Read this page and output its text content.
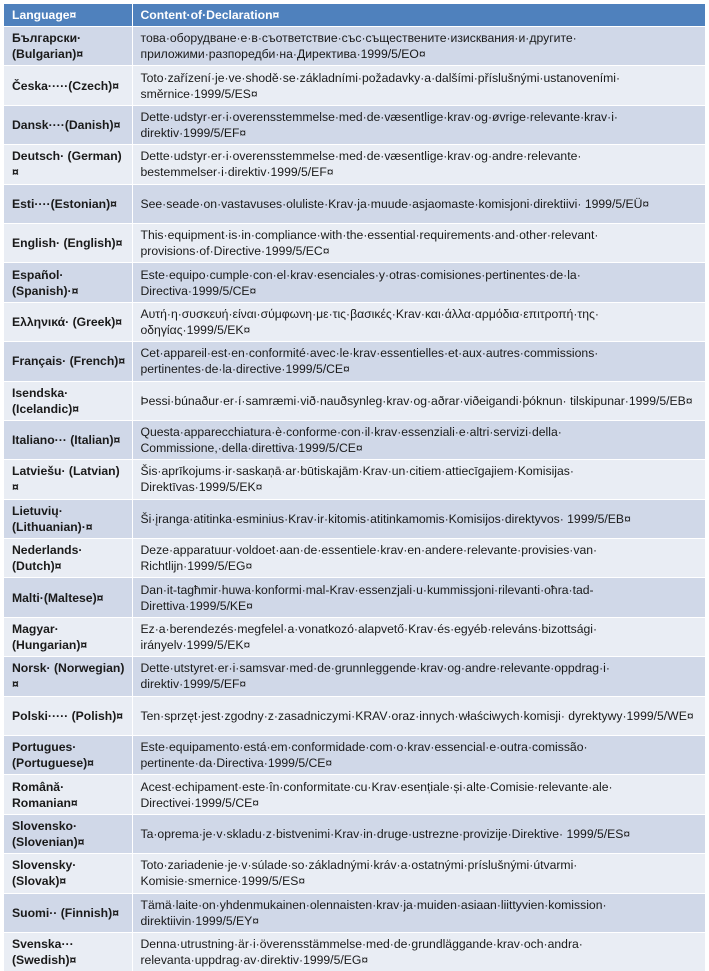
Language¤	Content·of·Declaration¤
Български· (Bulgarian)¤	това·оборудване·е·в·съответствие·със·съществените·изисквания·и·другите· приложими·разпоредби·на·Директива·1999/5/EO¤
Česka·····(Czech)¤	Toto·zařízení·je·ve·shodě·se·základními·požadavky·a·dalšími·příslušnými·ustanoveními· směrnice·1999/5/ES¤
Dansk····(Danish)¤	Dette·udstyr·er·i·overensstemmelse·med·de·væsentlige·krav·og·øvrige·relevante·krav·i· direktiv·1999/5/EF¤
Deutsch· (German)¤	Dette·udstyr·er·i·overensstemmelse·med·de·væsentlige·krav·og·andre·relevante· bestemmelser·i·direktiv·1999/5/EF¤
Esti····(Estonian)¤	See·seade·on·vastavuses·oluliste·Krav·ja·muude·asjaomaste·komisjoni·direktiivi· 1999/5/EÜ¤
English· (English)¤	This·equipment·is·in·compliance·with·the·essential·requirements·and·other·relevant· provisions·of·Directive·1999/5/EC¤
Español· (Spanish)·¤	Este·equipo·cumple·con·el·krav·esenciales·y·otras·comisiones·pertinentes·de·la· Directiva·1999/5/CE¤
Ελληνικά· (Greek)¤	Αυτή·η·συσκευή·είναι·σύμφωνη·με·τις·βασικές·Krav·και·άλλα·αρμόδια·επιτροπή·της· οδηγίας·1999/5/EK¤
Français· (French)¤	Cet·appareil·est·en·conformité·avec·le·krav·essentielles·et·aux·autres·commissions· pertinentes·de·la·directive·1999/5/CE¤
Isendska· (Icelandic)¤	Þessi·búnaður·er·í·samræmi·við·nauðsynleg·krav·og·aðrar·viðeigandi·þóknun· tilskipunar·1999/5/EB¤
Italiano··· (Italian)¤	Questa·apparecchiatura·è·conforme·con·il·krav·essenziali·e·altri·servizi·della· Commissione,·della·direttiva·1999/5/CE¤
Latviešu· (Latvian)¤	Šis·aprīkojums·ir·saskaņā·ar·būtiskajām·Krav·un·citiem·attiecīgajiem·Komisijas· Direktīvas·1999/5/EK¤
Lietuvių· (Lithuanian)·¤	Ši·įranga·atitinka·esminius·Krav·ir·kitomis·atitinkamomis·Komisijos·direktyvos· 1999/5/EB¤
Nederlands· (Dutch)¤	Deze·apparatuur·voldoet·aan·de·essentiele·krav·en·andere·relevante·provisies·van· Richtlijn·1999/5/EG¤
Malti·(Maltese)¤	Dan·it-tagħmir·huwa·konformi·mal-Krav·essenzjali·u·kummissjoni·rilevanti·oħra·tad-Direttiva·1999/5/KE¤
Magyar· (Hungarian)¤	Ez·a·berendezés·megfelel·a·vonatkozó·alapvető·Krav·és·egyéb·releváns·bizottsági· irányelv·1999/5/EK¤
Norsk· (Norwegian)¤	Dette·utstyret·er·i·samsvar·med·de·grunnleggende·krav·og·andre·relevante·oppdrag·i· direktiv·1999/5/EF¤
Polski····· (Polish)¤	Ten·sprzęt·jest·zgodny·z·zasadniczymi·KRAV·oraz·innych·właściwych·komisji· dyrektywy·1999/5/WE¤
Portugues· (Portuguese)¤	Este·equipamento·está·em·conformidade·com·o·krav·essencial·e·outra·comissão· pertinente·da·Directiva·1999/5/CE¤
Română· Romanian¤	Acest·echipament·este·în·conformitate·cu·Krav·esențiale·și·alte·Comisie·relevante·ale· Directivei·1999/5/CE¤
Slovensko· (Slovenian)¤	Ta·oprema·je·v·skladu·z·bistvenimi·Krav·in·druge·ustrezne·provizije·Direktive· 1999/5/ES¤
Slovensky· (Slovak)¤	Toto·zariadenie·je·v·súlade·so·základnými·kráv·a·ostatnými·príslušnými·útvarmi· Komisie·smernice·1999/5/ES¤
Suomi·· (Finnish)¤	Tämä·laite·on·yhdenmukainen·olennaisten·krav·ja·muiden·asiaan·liittyvien·komission· direktiivin·1999/5/EY¤
Svenska··· (Swedish)¤	Denna·utrustning·är·i·överensstämmelse·med·de·grundläggande·krav·och·andra· relevanta·uppdrag·av·direktiv·1999/5/EG¤
